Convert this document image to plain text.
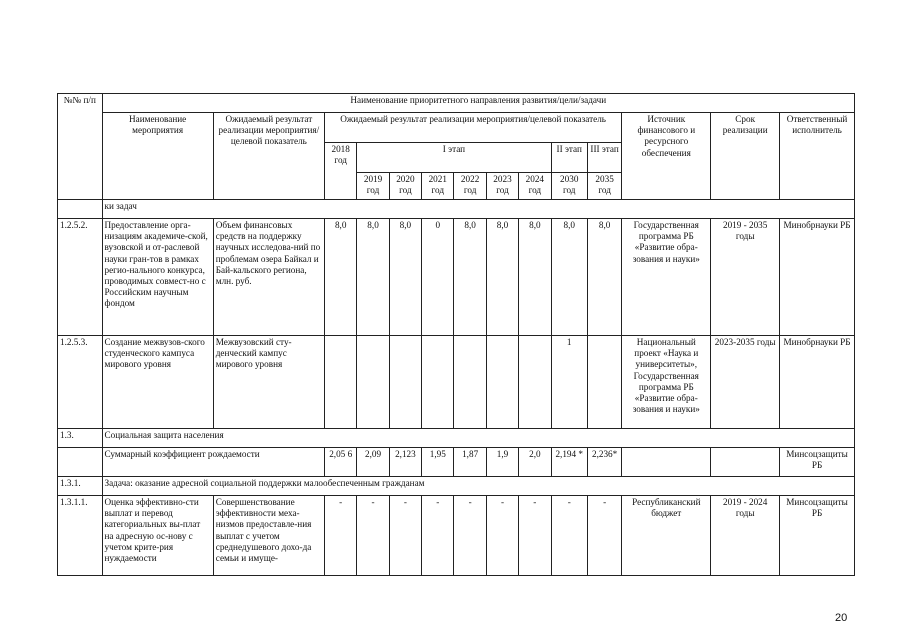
№№ п/п	Наименование приоритетного направления развития/цели/задачи													
	Наименование мероприятия	Ожидаемый результат реализации мероприятия/целевой показатель	Ожидаемый результат реализации мероприятия/целевой показатель									Источник финансового и ресурсного обеспечения	Срок реализации	Ответственный исполнитель
			2018 год	I этап						II этап	III этап			
				2019 год	2020 год	2021 год	2022 год	2023 год	2024 год	2030 год	2035 год			
	ки задач													
1.2.5.2.	Предоставление орга-низациям академиче-ской, вузовской и от-раслевой науки гран-тов в рамках регио-нального конкурса, проводимых совмест-но с Российским научным фондом	Объем финансовых средств на поддержку научных исследова-ний по проблемам озера Байкал и Бай-кальского региона, млн. руб.	8,0	8,0	8,0	0	8,0	8,0	8,0	8,0	8,0	Государственная программа РБ «Развитие обра-зования и науки»	2019 - 2035 годы	Минобрнауки РБ
1.2.5.3.	Создание межвузов-ского студенческого кампуса мирового уровня	Межвузовский сту-денческий кампус мирового уровня								1		Национальный проект «Наука и университеты», Государственная программа РБ «Развитие обра-зования и науки»	2023-2035 годы	Минобрнауки РБ
1.3.	Социальная защита населения													
	Суммарный коэффициент рождаемости		2,05 6	2,09	2,123	1,95	1,87	1,9	2,0	2,194 *	2,236*			Минсоцзащиты РБ
1.3.1.	Задача: оказание адресной социальной поддержки малообеспеченным гражданам													
1.3.1.1.	Оценка эффективно-сти выплат и перевод категориальных вы-плат на адресную ос-нову с учетом крите-рия нуждаемости	Совершенствование эффективности меха-низмов предоставле-ния выплат с учетом среднедушевого дохо-да семьи и имуще-	-	-	-	-	-	-	-	-	-	Республиканский бюджет	2019 - 2024 годы	Минсоцзащиты РБ
20
